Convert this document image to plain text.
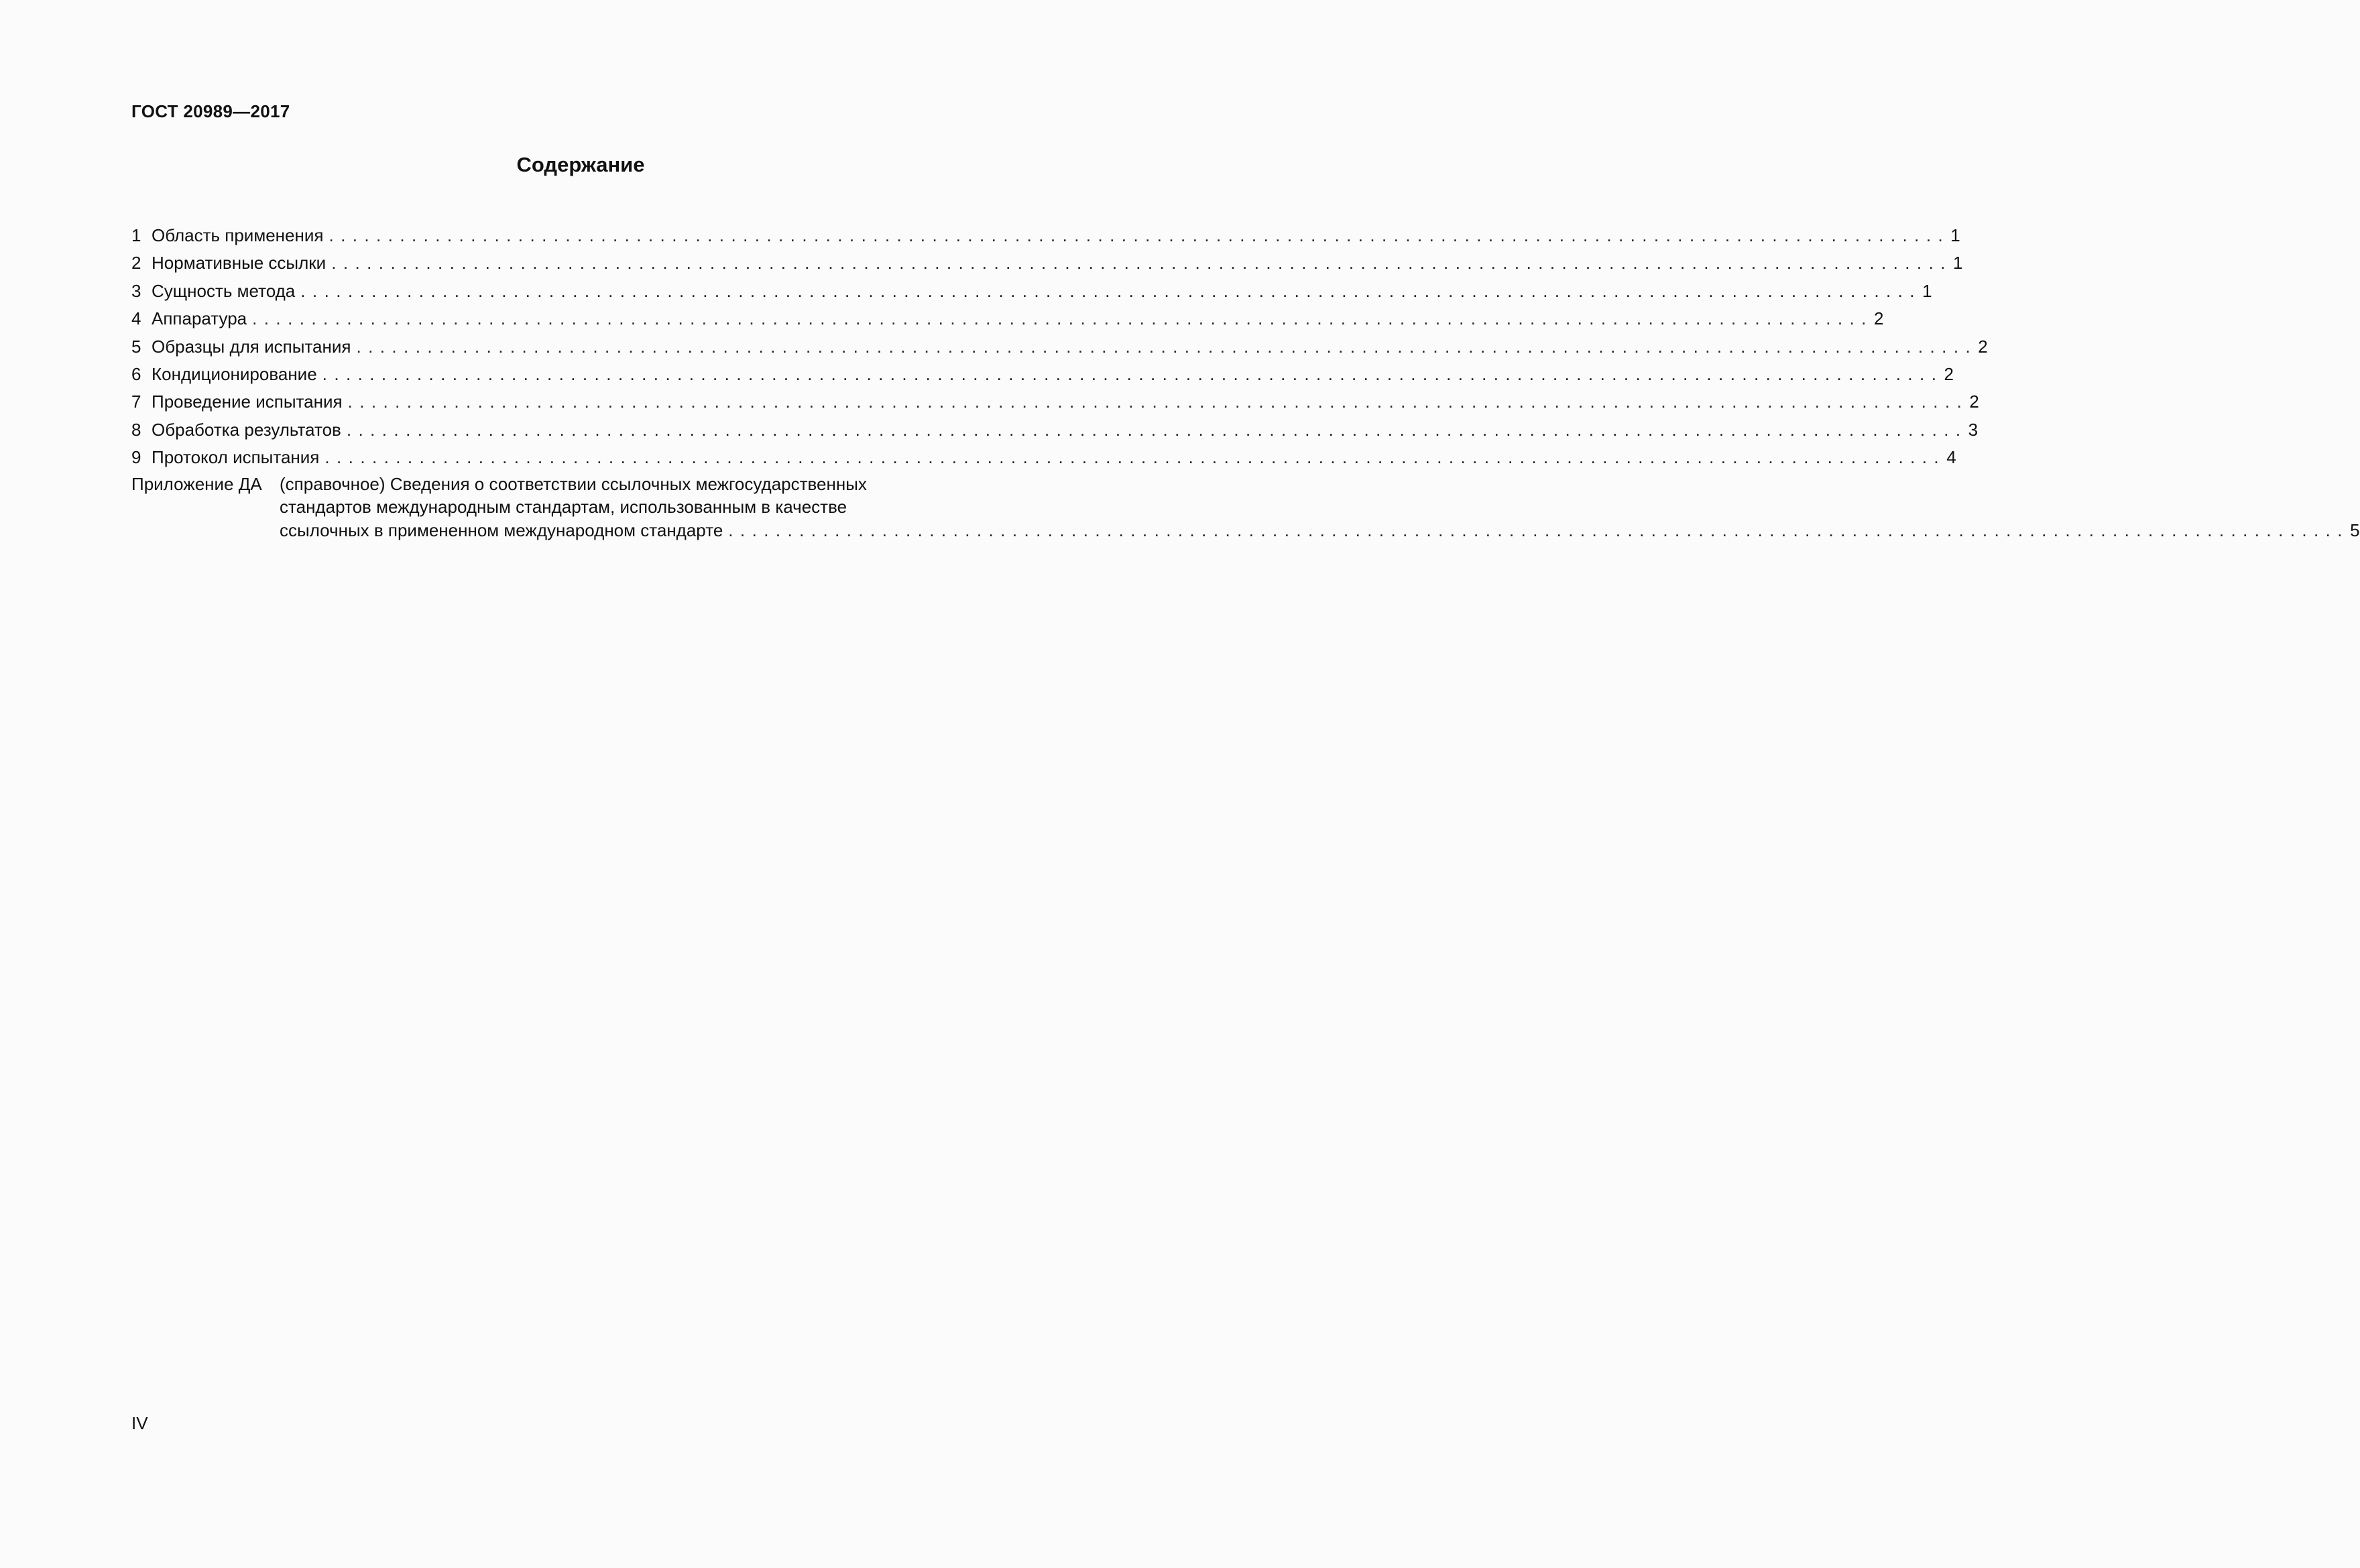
ГОСТ 20989—2017
Содержание
1 Область применения . . .	1
2 Нормативные ссылки . . .	1
3 Сущность метода . . .	1
4 Аппаратура . . .	2
5 Образцы для испытания . . .	2
6 Кондиционирование . . .	2
7 Проведение испытания . . .	2
8 Обработка результатов . . .	3
9 Протокол испытания . . .	4
Приложение ДА	(справочное) Сведения о соответствии ссылочных межгосударственных
стандартов международным стандартам, использованным в качестве
ссылочных в примененном международном стандарте . . .	5
IV
